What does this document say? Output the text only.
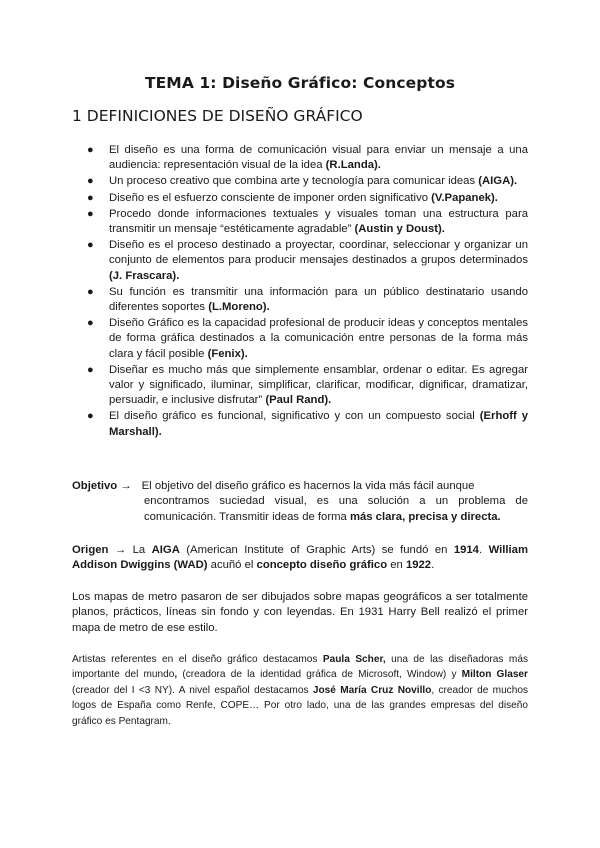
TEMA 1: Diseño Gráfico: Conceptos
1 DEFINICIONES DE DISEÑO GRÁFICO
● El diseño es una forma de comunicación visual para enviar un mensaje a una audiencia: representación visual de la idea (R.Landa).
● Un proceso creativo que combina arte y tecnología para comunicar ideas (AIGA).
● Diseño es el esfuerzo consciente de imponer orden significativo (V.Papanek).
● Procedo donde informaciones textuales y visuales toman una estructura para transmitir un mensaje “estéticamente agradable” (Austin y Doust).
● Diseño es el proceso destinado a proyectar, coordinar, seleccionar y organizar un conjunto de elementos para producir mensajes destinados a grupos determinados (J. Frascara).
● Su función es transmitir una información para un público destinatario usando diferentes soportes (L.Moreno).
● Diseño Gráfico es la capacidad profesional de producir ideas y conceptos mentales de forma gráfica destinados a la comunicación entre personas de la forma más clara y fácil posible (Fenix).
● Diseñar es mucho más que simplemente ensamblar, ordenar o editar. Es agregar valor y significado, iluminar, simplificar, clarificar, modificar, dignificar, dramatizar, persuadir, e inclusive disfrutar” (Paul Rand).
● El diseño gráfico es funcional, significativo y con un compuesto social (Erhoff y Marshall).
Objetivo → El objetivo del diseño gráfico es hacernos la vida más fácil aunque
encontramos suciedad visual, es una solución a un problema de comunicación. Transmitir ideas de forma más clara, precisa y directa.
Origen → La AIGA (American Institute of Graphic Arts) se fundó en 1914. William Addison Dwiggins (WAD) acuñó el concepto diseño gráfico en 1922.
Los mapas de metro pasaron de ser dibujados sobre mapas geográficos a ser totalmente planos, prácticos, líneas sin fondo y con leyendas. En 1931 Harry Bell realizó el primer mapa de metro de ese estilo.
Artistas referentes en el diseño gráfico destacamos Paula Scher, una de las diseñadoras más importante del mundo, (creadora de la identidad gráfica de Microsoft, Window) y Milton Glaser (creador del I <3 NY). A nivel español destacamos José María Cruz Novillo, creador de muchos logos de España como Renfe, COPE… Por otro lado, una de las grandes empresas del diseño gráfico es Pentagram.
